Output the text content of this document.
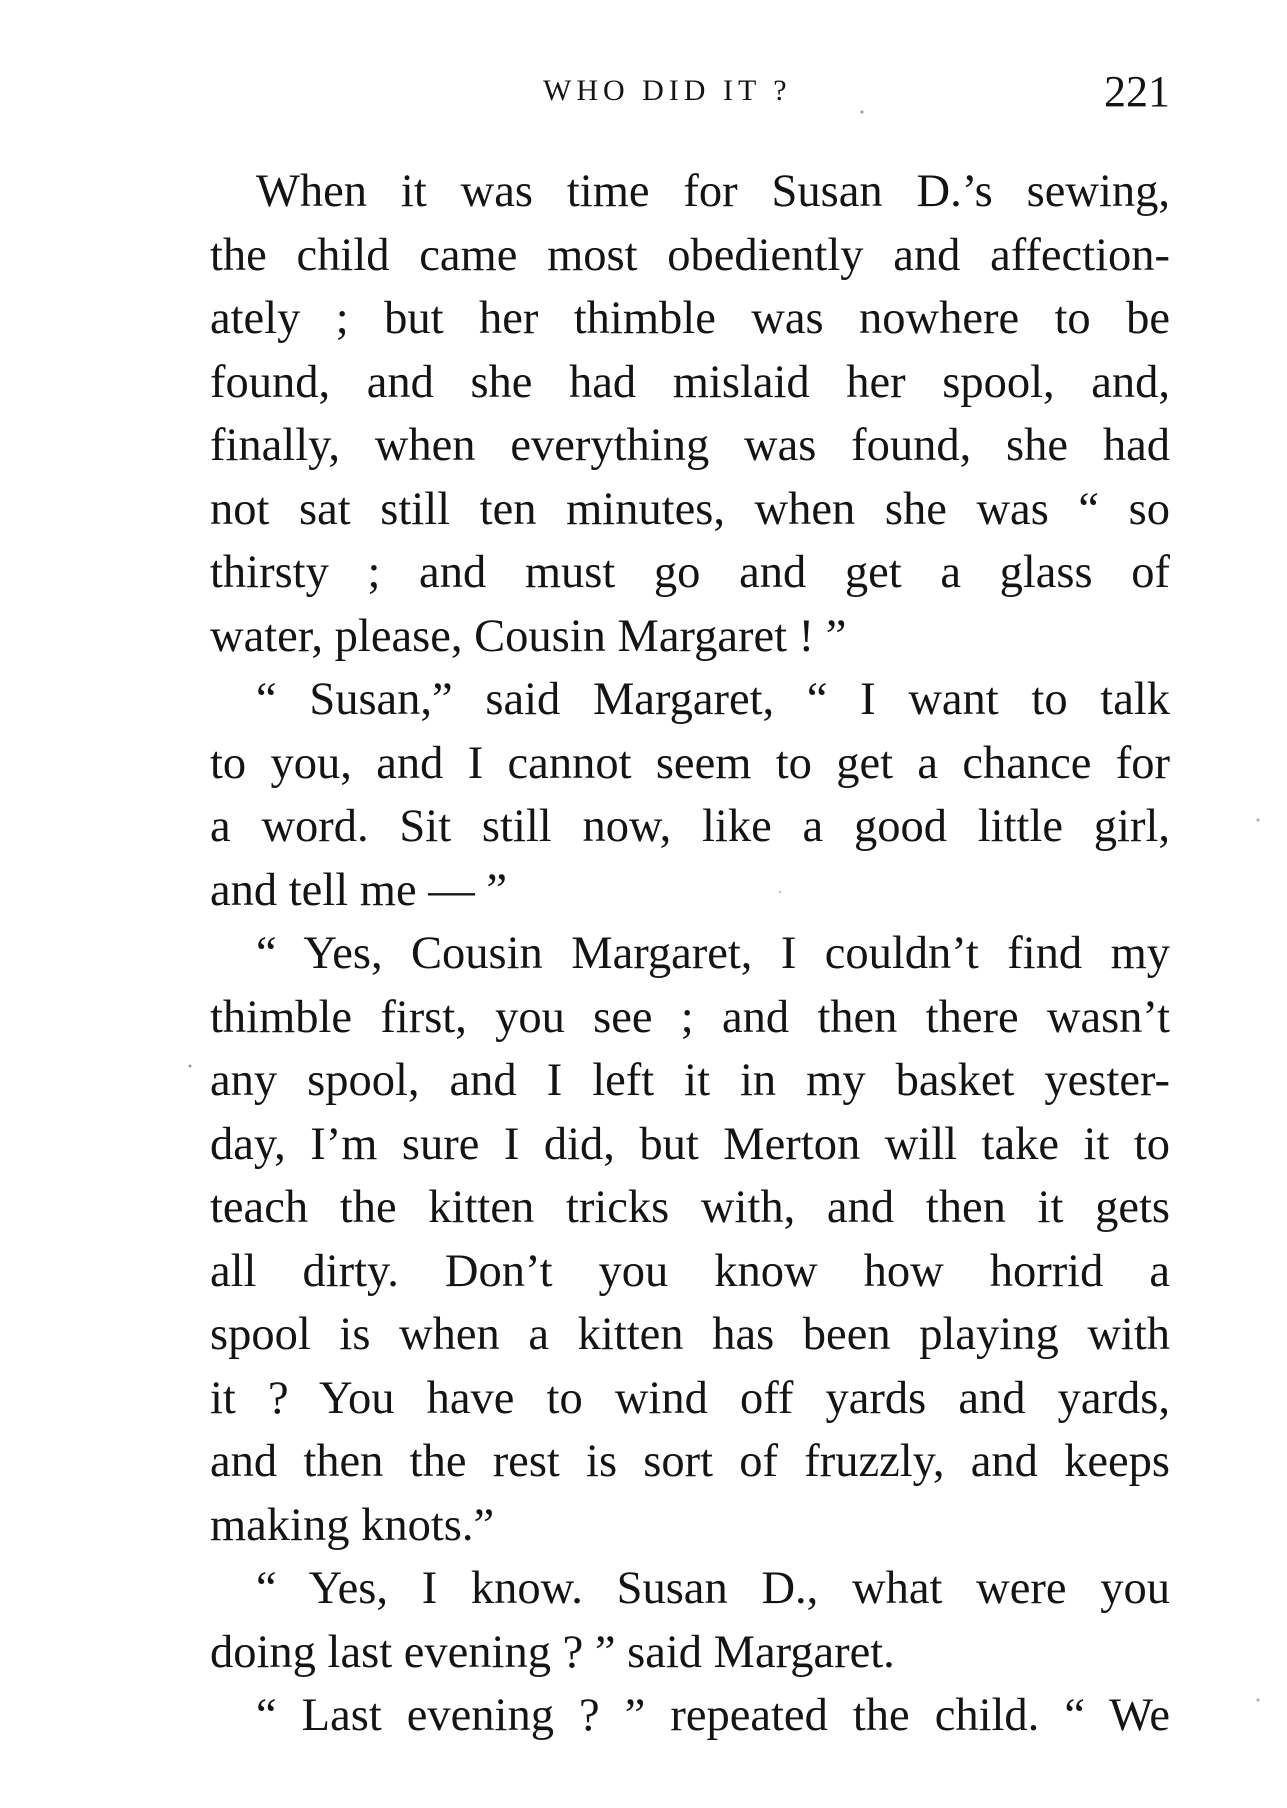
WHO DID IT ?	221
When it was time for Susan D.’s sewing,
the child came most obediently and affection-
ately ; but her thimble was nowhere to be
found, and she had mislaid her spool, and,
finally, when everything was found, she had
not sat still ten minutes, when she was “ so
thirsty ; and must go and get a glass of
water, please, Cousin Margaret ! ”
“ Susan,” said Margaret, “ I want to talk
to you, and I cannot seem to get a chance for
a word. Sit still now, like a good little girl,
and tell me — ”
“ Yes, Cousin Margaret, I couldn’t find my
thimble first, you see ; and then there wasn’t
any spool, and I left it in my basket yester-
day, I’m sure I did, but Merton will take it to
teach the kitten tricks with, and then it gets
all dirty. Don’t you know how horrid a
spool is when a kitten has been playing with
it ? You have to wind off yards and yards,
and then the rest is sort of fruzzly, and keeps
making knots.”
“ Yes, I know. Susan D., what were you
doing last evening ? ” said Margaret.
“ Last evening ? ” repeated the child. “ We
